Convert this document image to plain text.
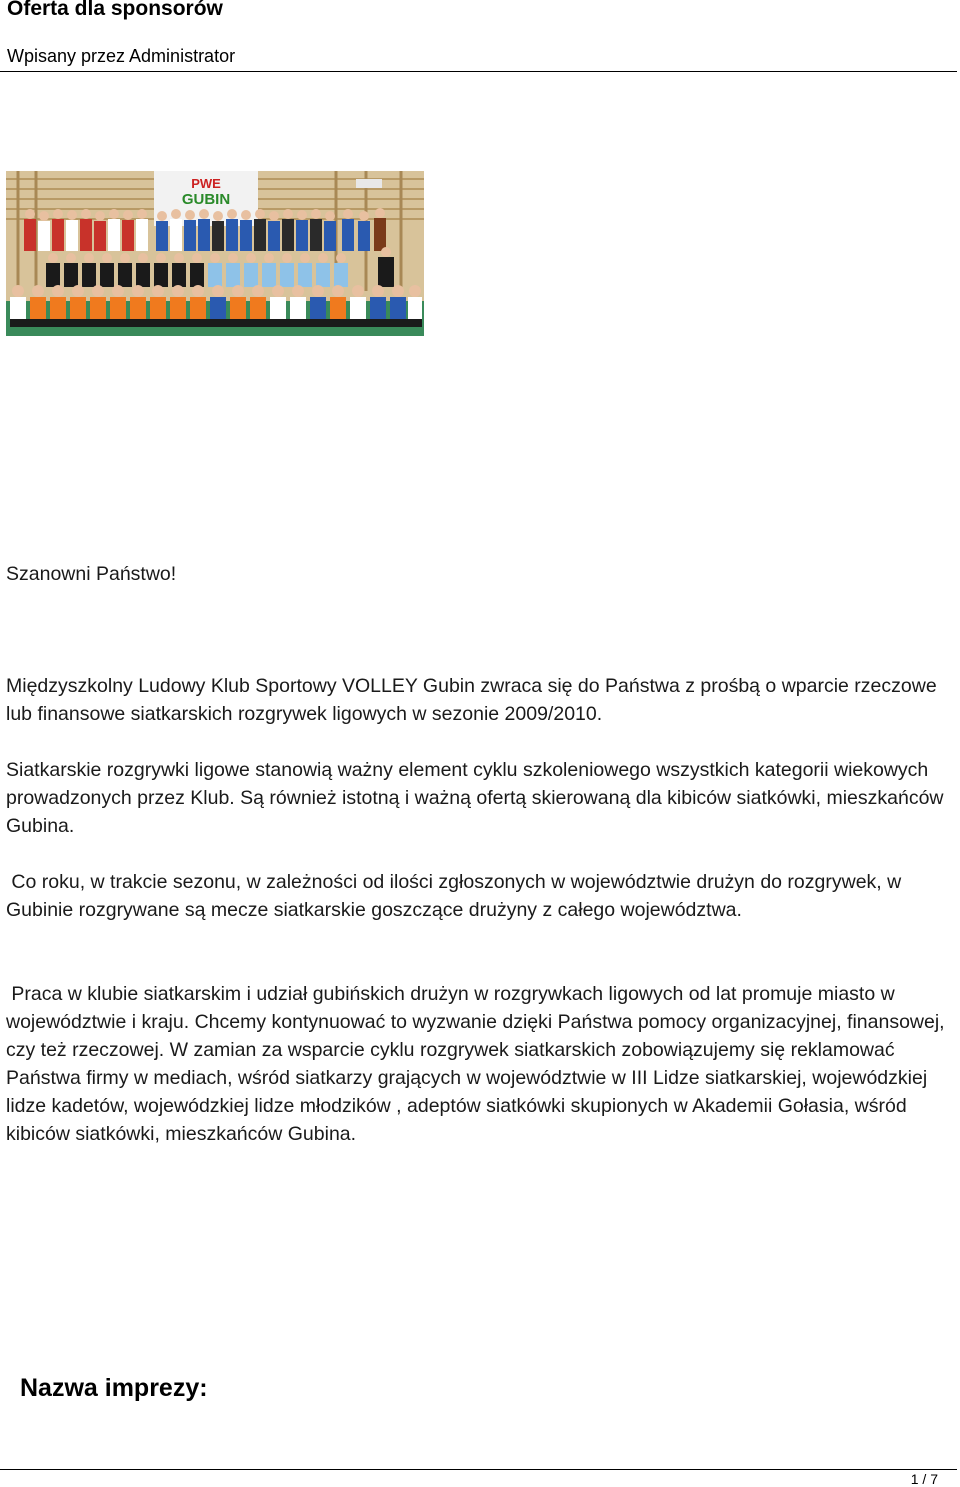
Oferta dla sponsorów
Wpisany przez Administrator
PWE
GUBIN
Szanowni Państwo!

Międzyszkolny Ludowy Klub Sportowy VOLLEY Gubin zwraca się do Państwa z prośbą o wparcie rzeczowe lub finansowe siatkarskich rozgrywek ligowych w sezonie 2009/2010.

Siatkarskie rozgrywki ligowe stanowią ważny element cyklu szkoleniowego wszystkich kategorii wiekowych prowadzonych przez Klub. Są również istotną i ważną ofertą skierowaną dla kibiców siatkówki, mieszkańców Gubina.

Co roku, w trakcie sezonu, w zależności od ilości zgłoszonych w województwie drużyn do rozgrywek, w Gubinie rozgrywane są mecze siatkarskie goszczące drużyny z całego województwa.

Praca w klubie siatkarskim i udział gubińskich drużyn w rozgrywkach ligowych od lat promuje miasto w województwie i kraju. Chcemy kontynuować to wyzwanie dzięki Państwa pomocy organizacyjnej, finansowej, czy też rzeczowej. W zamian za wsparcie cyklu rozgrywek siatkarskich zobowiązujemy się reklamować Państwa firmy w mediach, wśród siatkarzy grających w województwie w III Lidze siatkarskiej, wojewódzkiej lidze kadetów, wojewódzkiej lidze młodzików , adeptów siatkówki skupionych w Akademii Gołasia, wśród kibiców siatkówki, mieszkańców Gubina.

Nazwa imprezy:
1 / 7
